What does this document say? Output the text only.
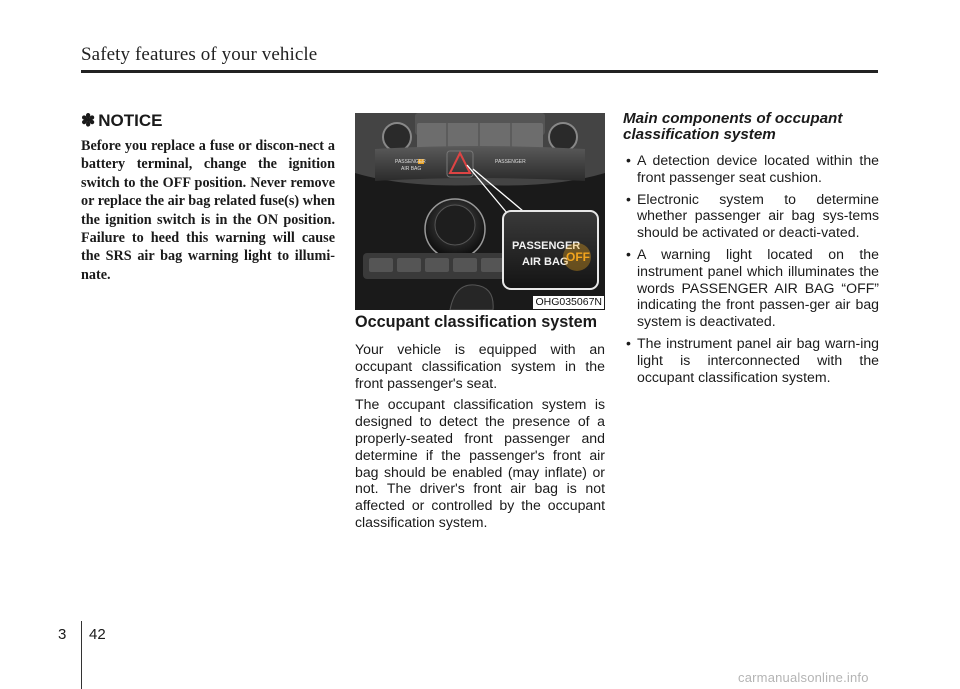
Safety features of your vehicle
✽ NOTICE

Before you replace a fuse or discon-nect a battery terminal, change the ignition switch to the OFF position. Never remove or replace the air bag related fuse(s) when the ignition switch is in the ON position. Failure to heed this warning will cause the SRS air bag warning light to illumi-nate.

PASSENGER
AIR BAG
PASSENGER
PASSENGER
AIR BAG
OFF
OHG035067N
Occupant classification system

Your vehicle is equipped with an occupant classification system in the front passenger's seat.

The occupant classification system is designed to detect the presence of a properly-seated front passenger and determine if the passenger's front air bag should be enabled (may inflate) or not. The driver's front air bag is not affected or controlled by the occupant classification system.

Main components of occupant classification system
• A detection device located within the front passenger seat cushion.
• Electronic system to determine whether passenger air bag sys-tems should be activated or deacti-vated.
• A warning light located on the instrument panel which illuminates the words PASSENGER AIR BAG “OFF” indicating the front passen-ger air bag system is deactivated.
• The instrument panel air bag warn-ing light is interconnected with the occupant classification system.
3 42
carmanualsonline.info
